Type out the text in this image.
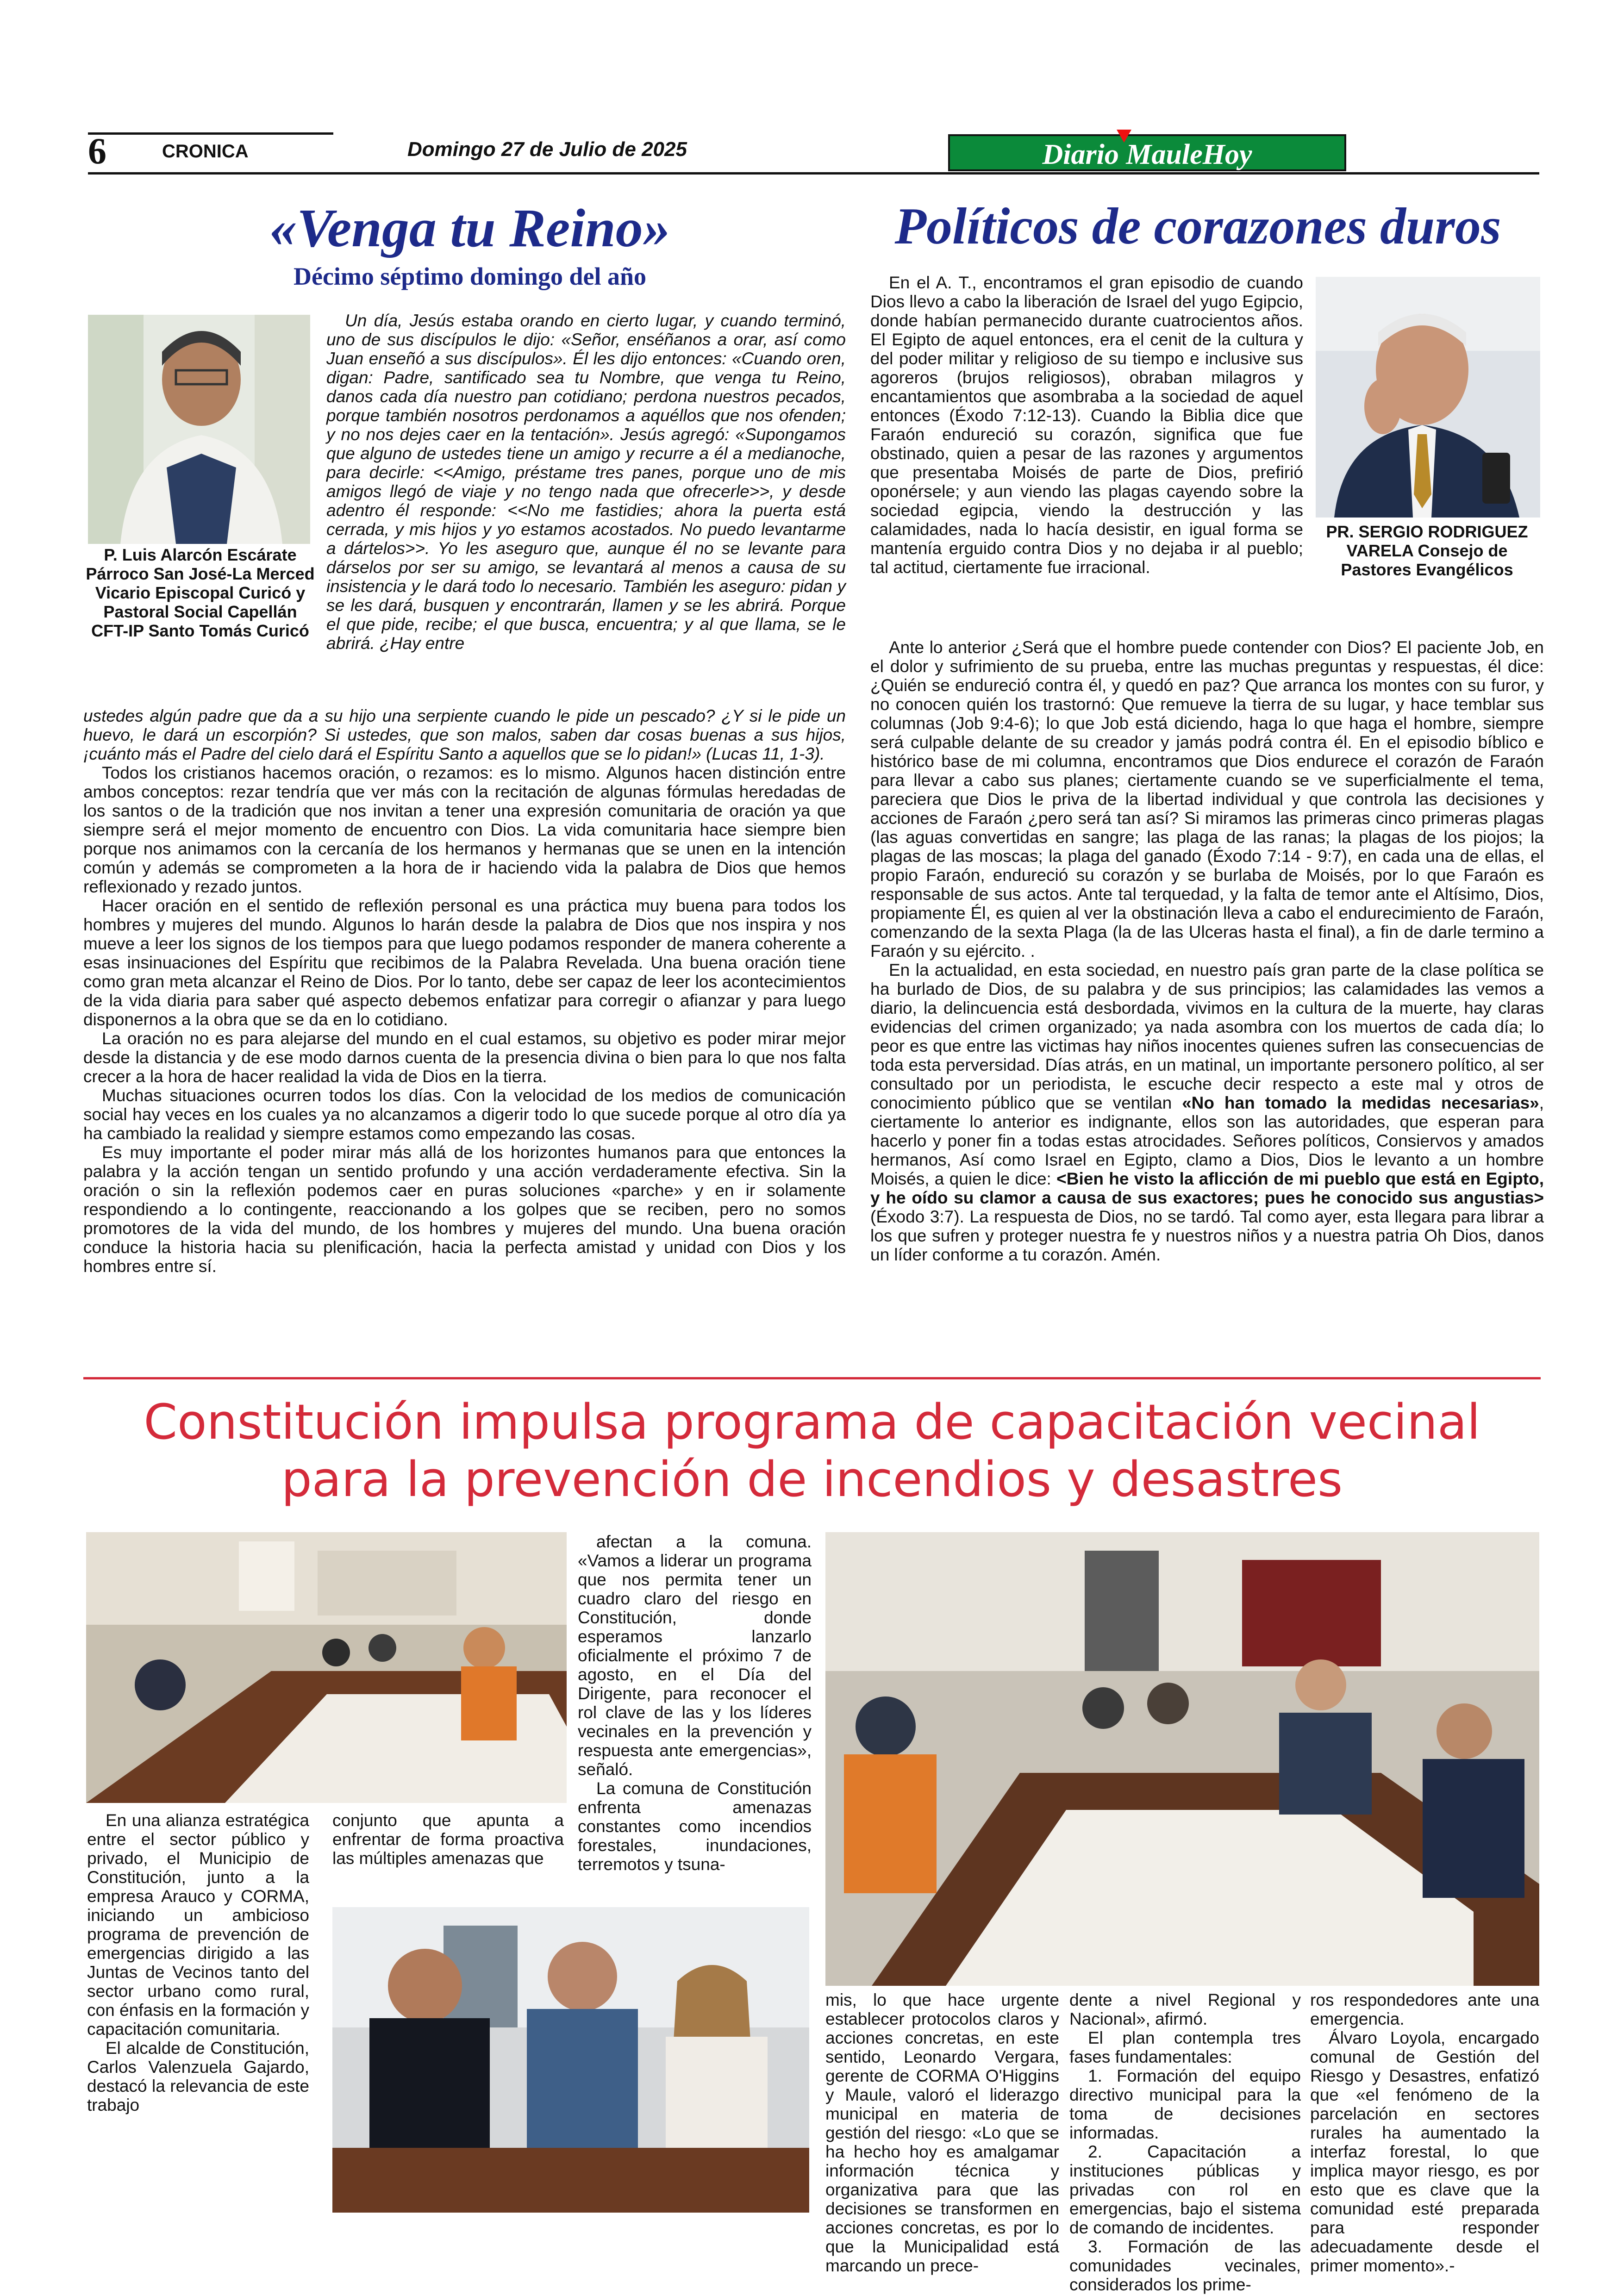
6	CRONICA	Domingo 27 de Julio de 2025	Diario MauleHoy
«Venga tu Reino»
Décimo séptimo domingo del año
P. Luis Alarcón Escárate Párroco San José-La Merced Vicario Episcopal Curicó y Pastoral Social Capellán CFT-IP Santo Tomás Curicó

Un día, Jesús estaba orando en cierto lugar, y cuando terminó, uno de sus discípulos le dijo: «Señor, enséñanos a orar, así como Juan enseñó a sus discípulos». Él les dijo entonces: «Cuando oren, digan: Padre, santificado sea tu Nombre, que venga tu Reino, danos cada día nuestro pan cotidiano; perdona nuestros pecados, porque también nosotros perdonamos a aquéllos que nos ofenden; y no nos dejes caer en la tentación». Jesús agregó: «Supongamos que alguno de ustedes tiene un amigo y recurre a él a medianoche, para decirle: <<Amigo, préstame tres panes, porque uno de mis amigos llegó de viaje y no tengo nada que ofrecerle>>, y desde adentro él responde: <<No me fastidies; ahora la puerta está cerrada, y mis hijos y yo estamos acostados. No puedo levantarme a dártelos>>. Yo les aseguro que, aunque él no se levante para dárselos por ser su amigo, se levantará al menos a causa de su insistencia y le dará todo lo necesario. También les aseguro: pidan y se les dará, busquen y encontrarán, llamen y se les abrirá. Porque el que pide, recibe; el que busca, encuentra; y al que llama, se le abrirá. ¿Hay entre

ustedes algún padre que da a su hijo una serpiente cuando le pide un pescado? ¿Y si le pide un huevo, le dará un escorpión? Si ustedes, que son malos, saben dar cosas buenas a sus hijos, ¡cuánto más el Padre del cielo dará el Espíritu Santo a aquellos que se lo pidan!» (Lucas 11, 1-3).

Todos los cristianos hacemos oración, o rezamos: es lo mismo. Algunos hacen distinción entre ambos conceptos: rezar tendría que ver más con la recitación de algunas fórmulas heredadas de los santos o de la tradición que nos invitan a tener una expresión comunitaria de oración ya que siempre será el mejor momento de encuentro con Dios. La vida comunitaria hace siempre bien porque nos animamos con la cercanía de los hermanos y hermanas que se unen en la intención común y además se comprometen a la hora de ir haciendo vida la palabra de Dios que hemos reflexionado y rezado juntos.

Hacer oración en el sentido de reflexión personal es una práctica muy buena para todos los hombres y mujeres del mundo. Algunos lo harán desde la palabra de Dios que nos inspira y nos mueve a leer los signos de los tiempos para que luego podamos responder de manera coherente a esas insinuaciones del Espíritu que recibimos de la Palabra Revelada. Una buena oración tiene como gran meta alcanzar el Reino de Dios. Por lo tanto, debe ser capaz de leer los acontecimientos de la vida diaria para saber qué aspecto debemos enfatizar para corregir o afianzar y para luego disponernos a la obra que se da en lo cotidiano.

La oración no es para alejarse del mundo en el cual estamos, su objetivo es poder mirar mejor desde la distancia y de ese modo darnos cuenta de la presencia divina o bien para lo que nos falta crecer a la hora de hacer realidad la vida de Dios en la tierra.

Muchas situaciones ocurren todos los días. Con la velocidad de los medios de comunicación social hay veces en los cuales ya no alcanzamos a digerir todo lo que sucede porque al otro día ya ha cambiado la realidad y siempre estamos como empezando las cosas.

Es muy importante el poder mirar más allá de los horizontes humanos para que entonces la palabra y la acción tengan un sentido profundo y una acción verdaderamente efectiva. Sin la oración o sin la reflexión podemos caer en puras soluciones «parche» y en ir solamente respondiendo a lo contingente, reaccionando a los golpes que se reciben, pero no somos promotores de la vida del mundo, de los hombres y mujeres del mundo. Una buena oración conduce la historia hacia su plenificación, hacia la perfecta amistad y unidad con Dios y los hombres entre sí.

Políticos de corazones duros

En el A. T., encontramos el gran episodio de cuando Dios llevo a cabo la liberación de Israel del yugo Egipcio, donde habían permanecido durante cuatrocientos años. El Egipto de aquel entonces, era el cenit de la cultura y del poder militar y religioso de su tiempo e inclusive sus agoreros (brujos religiosos), obraban milagros y encantamientos que asombraba a la sociedad de aquel entonces (Éxodo 7:12-13). Cuando la Biblia dice que Faraón endureció su corazón, significa que fue obstinado, quien a pesar de las razones y argumentos que presentaba Moisés de parte de Dios, prefirió oponérsele; y aun viendo las plagas cayendo sobre la sociedad egipcia, viendo la destrucción y las calamidades, nada lo hacía desistir, en igual forma se mantenía erguido contra Dios y no dejaba ir al pueblo; tal actitud, ciertamente fue irracional.

PR. SERGIO RODRIGUEZ VARELA Consejo de Pastores Evangélicos

Ante lo anterior ¿Será que el hombre puede contender con Dios? El paciente Job, en el dolor y sufrimiento de su prueba, entre las muchas preguntas y respuestas, él dice: ¿Quién se endureció contra él, y quedó en paz? Que arranca los montes con su furor, y no conocen quién los trastornó: Que remueve la tierra de su lugar, y hace temblar sus columnas (Job 9:4-6); lo que Job está diciendo, haga lo que haga el hombre, siempre será culpable delante de su creador y jamás podrá contra él. En el episodio bíblico e histórico base de mi columna, encontramos que Dios endurece el corazón de Faraón para llevar a cabo sus planes; ciertamente cuando se ve superficialmente el tema, pareciera que Dios le priva de la libertad individual y que controla las decisiones y acciones de Faraón ¿pero será tan así? Si miramos las primeras cinco primeras plagas (las aguas convertidas en sangre; las plaga de las ranas; la plagas de los piojos; la plagas de las moscas; la plaga del ganado (Éxodo 7:14 - 9:7), en cada una de ellas, el propio Faraón, endureció su corazón y se burlaba de Moisés, por lo que Faraón es responsable de sus actos. Ante tal terquedad, y la falta de temor ante el Altísimo, Dios, propiamente Él, es quien al ver la obstinación lleva a cabo el endurecimiento de Faraón, comenzando de la sexta Plaga (la de las Ulceras hasta el final), a fin de darle termino a Faraón y su ejército. .

En la actualidad, en esta sociedad, en nuestro país gran parte de la clase política se ha burlado de Dios, de su palabra y de sus principios; las calamidades las vemos a diario, la delincuencia está desbordada, vivimos en la cultura de la muerte, hay claras evidencias del crimen organizado; ya nada asombra con los muertos de cada día; lo peor es que entre las victimas hay niños inocentes quienes sufren las consecuencias de toda esta perversidad. Días atrás, en un matinal, un importante personero político, al ser consultado por un periodista, le escuche decir respecto a este mal y otros de conocimiento público que se ventilan «No han tomado la medidas necesarias», ciertamente lo anterior es indignante, ellos son las autoridades, que esperan para hacerlo y poner fin a todas estas atrocidades. Señores políticos, Consiervos y amados hermanos, Así como Israel en Egipto, clamo a Dios, Dios le levanto a un hombre Moisés, a quien le dice: <Bien he visto la aflicción de mi pueblo que está en Egipto, y he oído su clamor a causa de sus exactores; pues he conocido sus angustias> (Éxodo 3:7). La respuesta de Dios, no se tardó. Tal como ayer, esta llegara para librar a los que sufren y proteger nuestra fe y nuestros niños y a nuestra patria Oh Dios, danos un líder conforme a tu corazón. Amén.

Constitución impulsa programa de capacitación vecinal
para la prevención de incendios y desastres

En una alianza estratégica entre el sector público y privado, el Municipio de Constitución, junto a la empresa Arauco y CORMA, iniciando un ambicioso programa de prevención de emergencias dirigido a las Juntas de Vecinos tanto del sector urbano como rural, con énfasis en la formación y capacitación comunitaria.

El alcalde de Constitución, Carlos Valenzuela Gajardo, destacó la relevancia de este trabajo

conjunto que apunta a enfrentar de forma proactiva las múltiples amenazas que

afectan a la comuna. «Vamos a liderar un programa que nos permita tener un cuadro claro del riesgo en Constitución, donde esperamos lanzarlo oficialmente el próximo 7 de agosto, en el Día del Dirigente, para reconocer el rol clave de las y los líderes vecinales en la prevención y respuesta ante emergencias», señaló.

La comuna de Constitución enfrenta amenazas constantes como incendios forestales, inundaciones, terremotos y tsuna-

mis, lo que hace urgente establecer protocolos claros y acciones concretas, en este sentido, Leonardo Vergara, gerente de CORMA O'Higgins y Maule, valoró el liderazgo municipal en materia de gestión del riesgo: «Lo que se ha hecho hoy es amalgamar información técnica y organizativa para que las decisiones se transformen en acciones concretas, es por lo que la Municipalidad está marcando un prece-

dente a nivel Regional y Nacional», afirmó.

El plan contempla tres fases fundamentales:

1. Formación del equipo directivo municipal para la toma de decisiones informadas.

2. Capacitación a instituciones públicas y privadas con rol en emergencias, bajo el sistema de comando de incidentes.

3. Formación de las comunidades vecinales, considerados los prime-

ros respondedores ante una emergencia.

Álvaro Loyola, encargado comunal de Gestión del Riesgo y Desastres, enfatizó que «el fenómeno de la parcelación en sectores rurales ha aumentado la interfaz forestal, lo que implica mayor riesgo, es por esto que es clave que la comunidad esté preparada para responder adecuadamente desde el primer momento».-
